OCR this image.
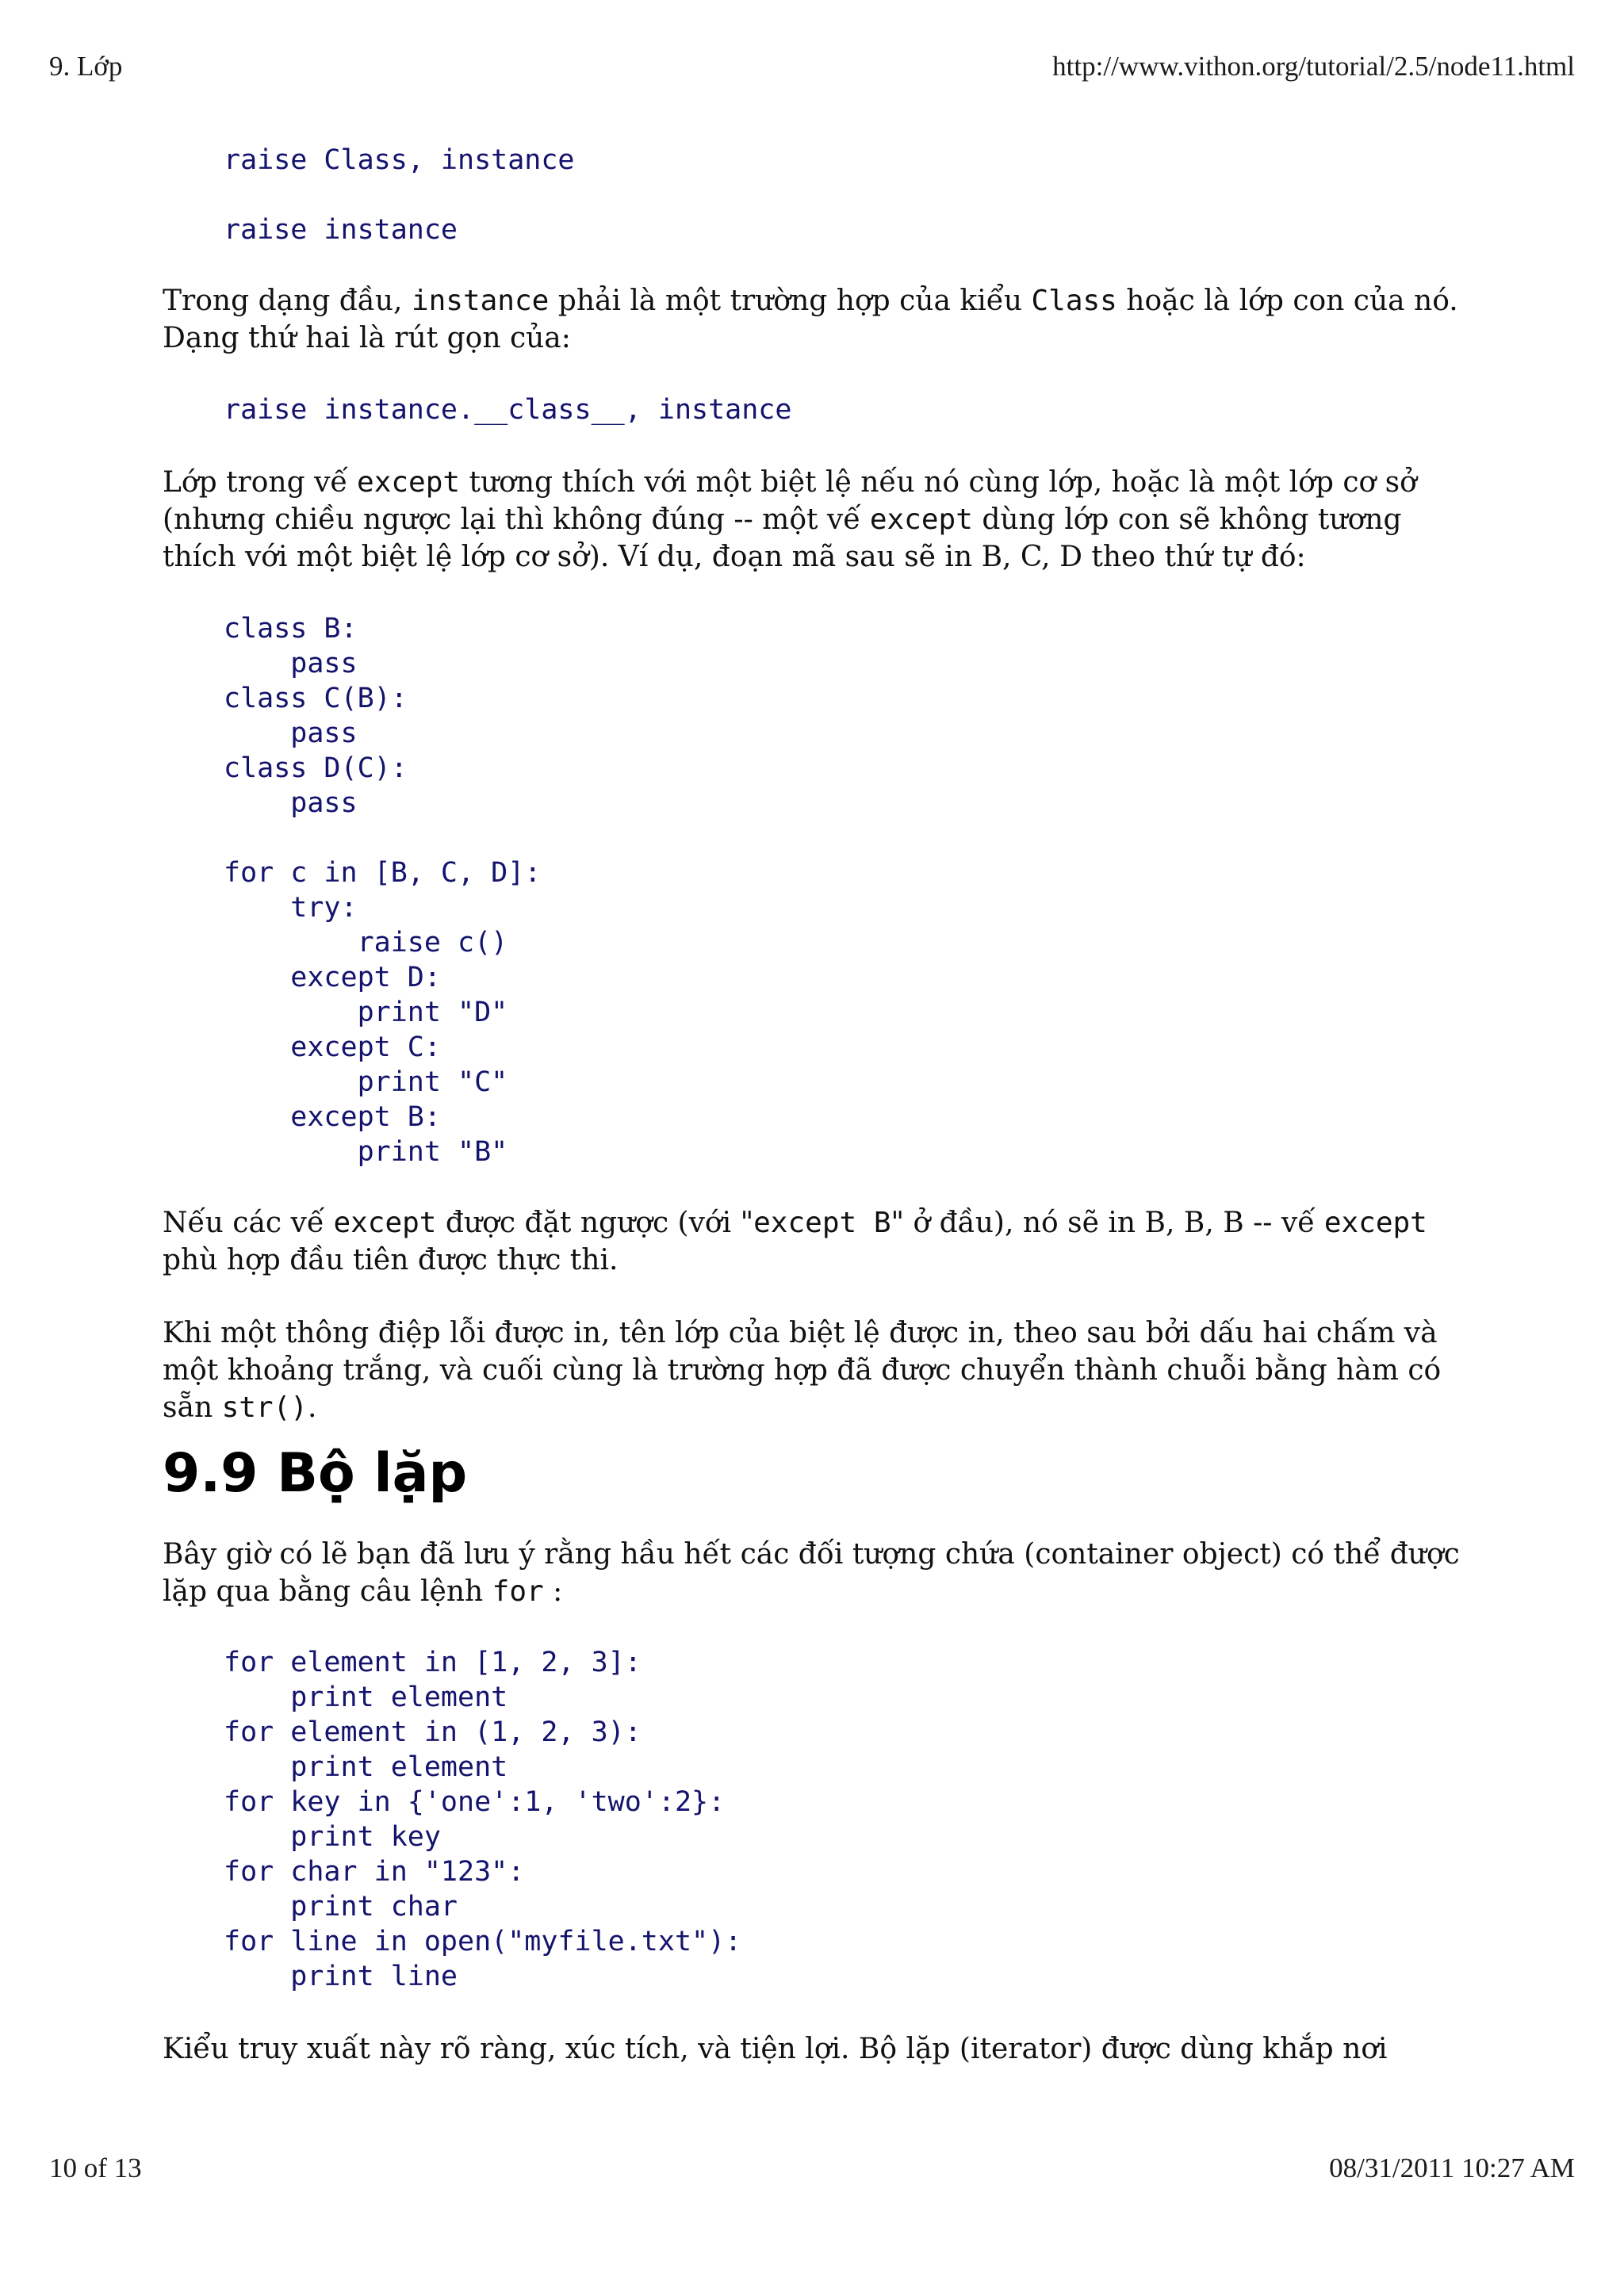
9. Lớp	http://www.vithon.org/tutorial/2.5/node11.html
raise Class, instance
raise instance

Trong dạng đầu, instance phải là một trường hợp của kiểu Class hoặc là lớp con của nó. Dạng thứ hai là rút gọn của:

raise instance.__class__, instance

Lớp trong vế except tương thích với một biệt lệ nếu nó cùng lớp, hoặc là một lớp cơ sở (nhưng chiều ngược lại thì không đúng -- một vế except dùng lớp con sẽ không tương thích với một biệt lệ lớp cơ sở). Ví dụ, đoạn mã sau sẽ in B, C, D theo thứ tự đó:

class B:
pass
class C(B):
pass
class D(C):
pass

for c in [B, C, D]:
try:
raise c()
except D:
print "D"
except C:
print "C"
except B:
print "B"

Nếu các vế except được đặt ngược (với "except B" ở đầu), nó sẽ in B, B, B -- vế except phù hợp đầu tiên được thực thi.

Khi một thông điệp lỗi được in, tên lớp của biệt lệ được in, theo sau bởi dấu hai chấm và một khoảng trắng, và cuối cùng là trường hợp đã được chuyển thành chuỗi bằng hàm có sẵn str().

9.9 Bộ lặp

Bây giờ có lẽ bạn đã lưu ý rằng hầu hết các đối tượng chứa (container object) có thể được lặp qua bằng câu lệnh for :

for element in [1, 2, 3]:
print element
for element in (1, 2, 3):
print element
for key in {'one':1, 'two':2}:
print key
for char in "123":
print char
for line in open("myfile.txt"):
print line

Kiểu truy xuất này rõ ràng, xúc tích, và tiện lợi. Bộ lặp (iterator) được dùng khắp nơi

10 of 13	08/31/2011 10:27 AM
